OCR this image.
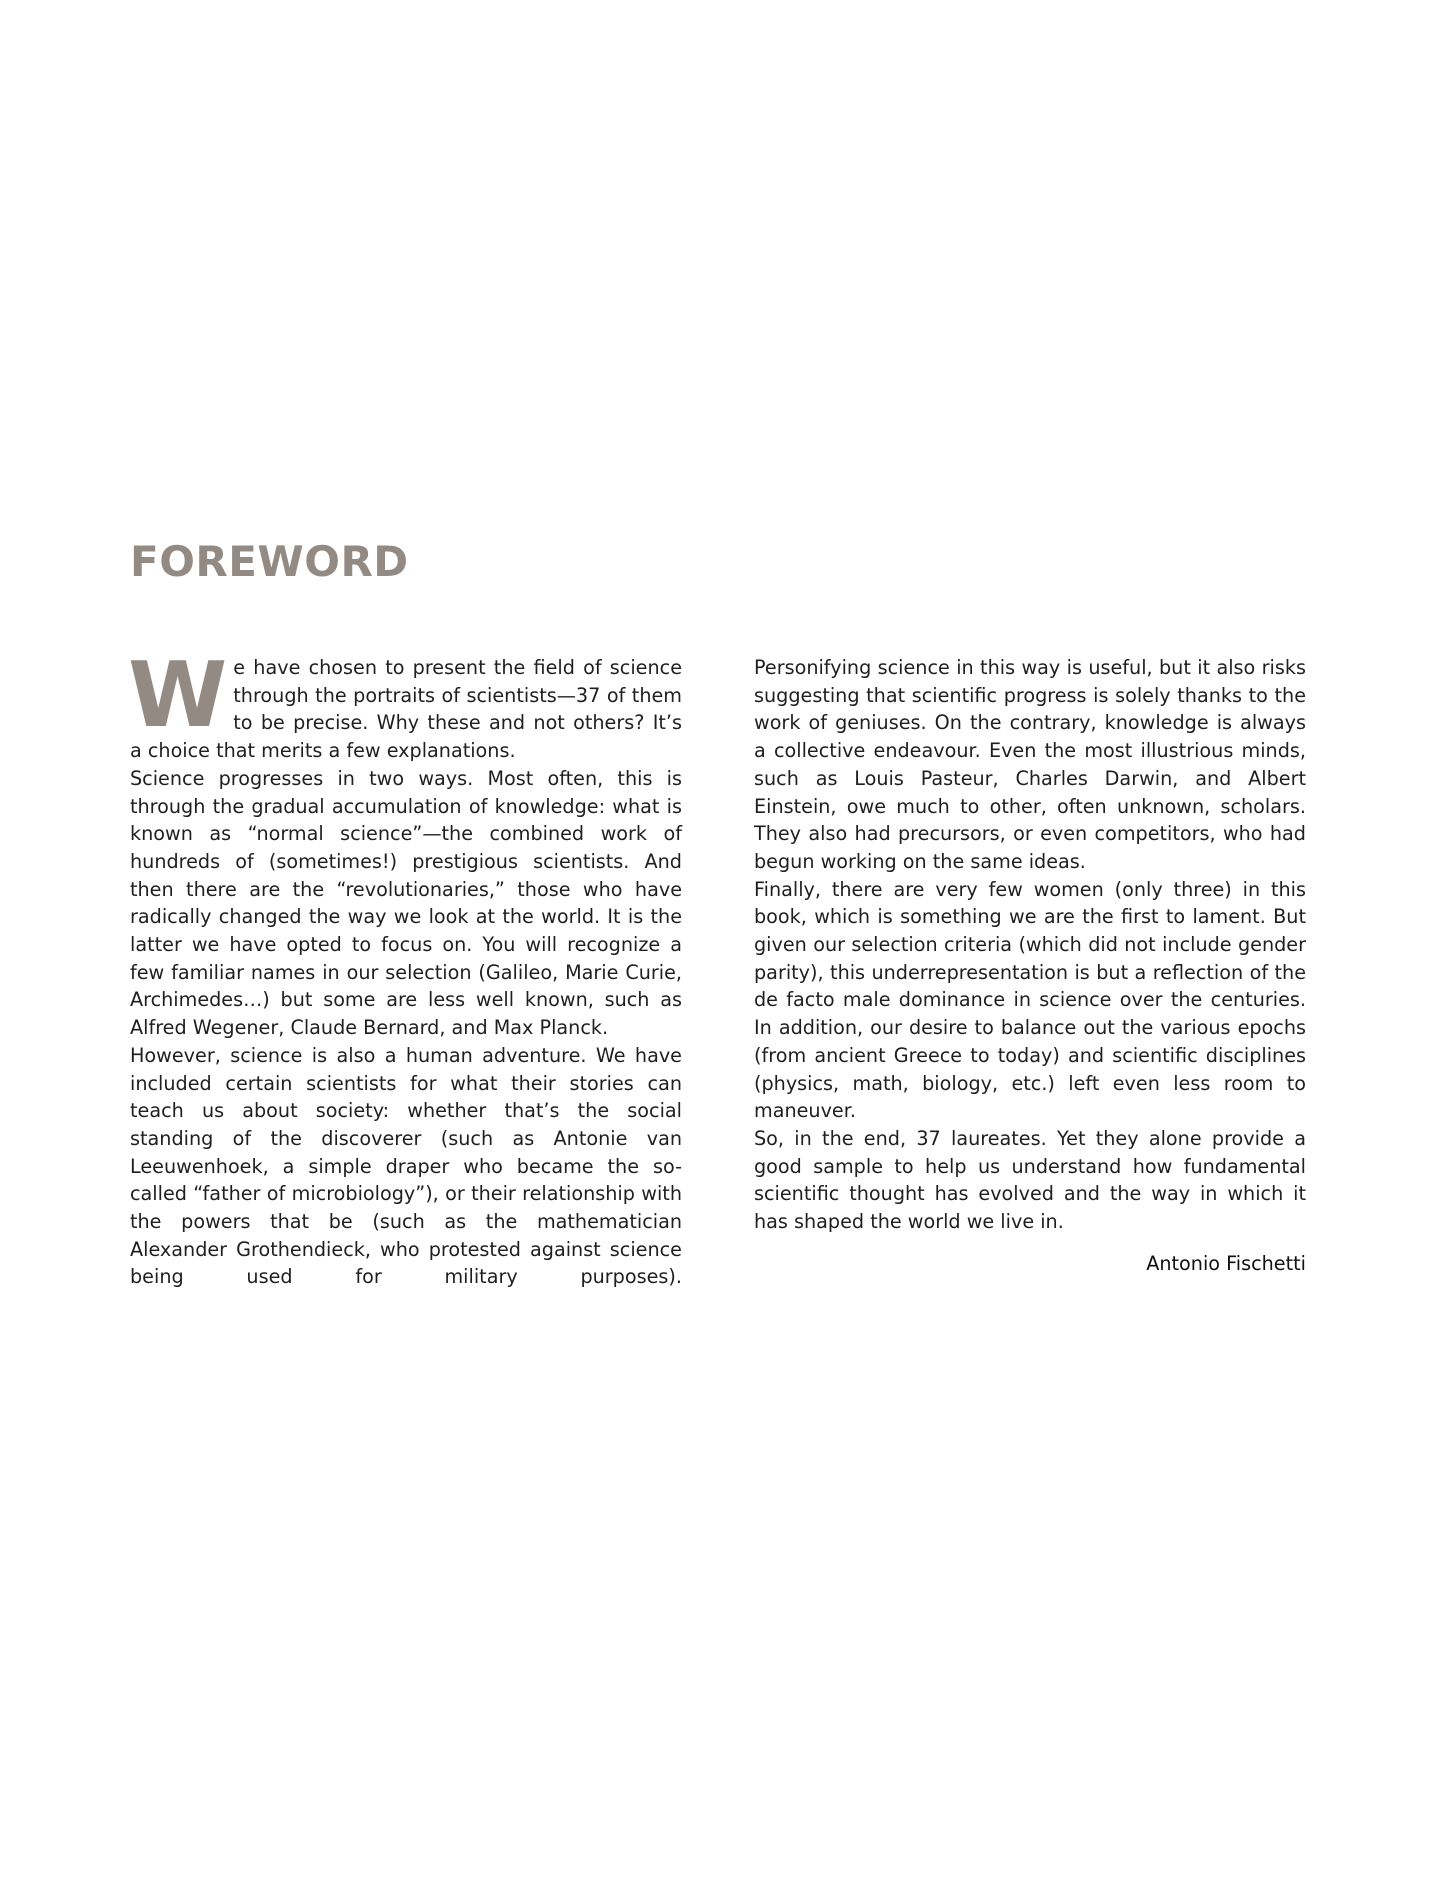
FOREWORD

We have chosen to present the field of science through the portraits of scientists—37 of them to be precise. Why these and not others? It’s a choice that merits a few explanations.

Science progresses in two ways. Most often, this is through the gradual accumulation of knowledge: what is known as “normal science”—the combined work of hundreds of (sometimes!) prestigious scientists. And then there are the “revolutionaries,” those who have radically changed the way we look at the world. It is the latter we have opted to focus on. You will recognize a few familiar names in our selection (Galileo, Marie Curie, Archimedes…) but some are less well known, such as Alfred Wegener, Claude Bernard, and Max Planck.

However, science is also a human adventure. We have included certain scientists for what their stories can teach us about society: whether that’s the social standing of the discoverer (such as Antonie van Leeuwenhoek, a simple draper who became the so-called “father of microbiology”), or their relationship with the powers that be (such as the mathematician Alexander Grothendieck, who protested against science being used for military purposes).

Personifying science in this way is useful, but it also risks suggesting that scientific progress is solely thanks to the work of geniuses. On the contrary, knowledge is always a collective endeavour. Even the most illustrious minds, such as Louis Pasteur, Charles Darwin, and Albert Einstein, owe much to other, often unknown, scholars. They also had precursors, or even competitors, who had begun working on the same ideas.

Finally, there are very few women (only three) in this book, which is something we are the first to lament. But given our selection criteria (which did not include gender parity), this underrepresentation is but a reflection of the de facto male dominance in science over the centuries. In addition, our desire to balance out the various epochs (from ancient Greece to today) and scientific disciplines (physics, math, biology, etc.) left even less room to maneuver.

So, in the end, 37 laureates. Yet they alone provide a good sample to help us understand how fundamental scientific thought has evolved and the way in which it has shaped the world we live in.

Antonio Fischetti
